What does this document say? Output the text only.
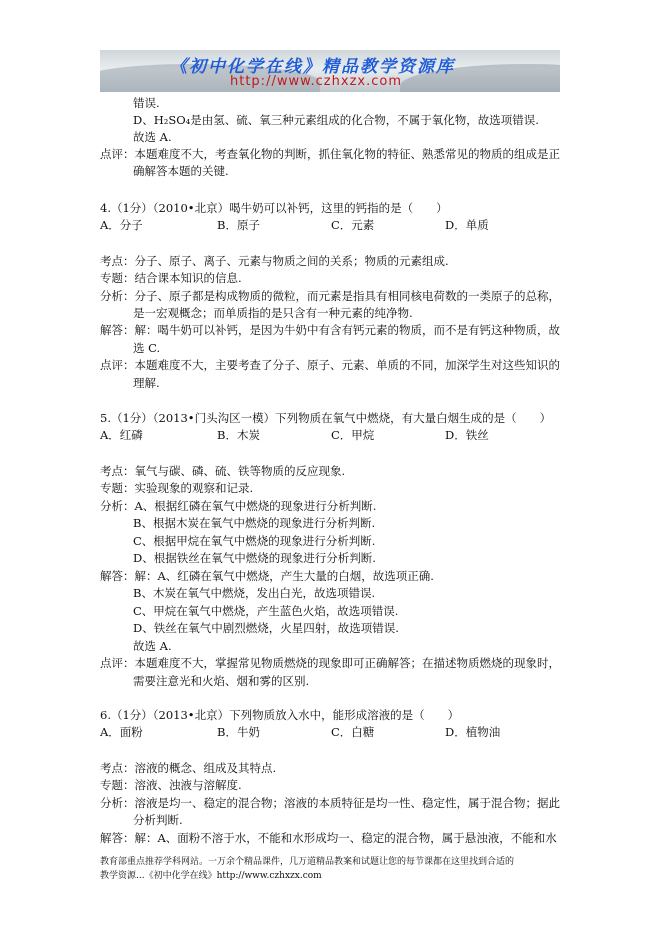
《初中化学在线》精品教学资源库
http://www.czhxzx.com
错误.
D、H₂SO₄是由氢、硫、氧三种元素组成的化合物，不属于氧化物，故选项错误.
故选 A.
点评：本题难度不大，考查氧化物的判断，抓住氧化物的特征、熟悉常见的物质的组成是正
确解答本题的关键.
4.（1分）（2010•北京）喝牛奶可以补钙，这里的钙指的是（　　）
A．分子	B．原子	C．元素	D．单质
考点：分子、原子、离子、元素与物质之间的关系；物质的元素组成.
专题：结合课本知识的信息.
分析：分子、原子都是构成物质的微粒，而元素是指具有相同核电荷数的一类原子的总称，
是一宏观概念；而单质指的是只含有一种元素的纯净物.
解答：解：喝牛奶可以补钙，是因为牛奶中有含有钙元素的物质，而不是有钙这种物质，故
选 C.
点评：本题难度不大，主要考查了分子、原子、元素、单质的不同，加深学生对这些知识的
理解.
5.（1分）（2013•门头沟区一模）下列物质在氧气中燃烧，有大量白烟生成的是（　　）
A．红磷	B．木炭	C．甲烷	D．铁丝
考点：氧气与碳、磷、硫、铁等物质的反应现象.
专题：实验现象的观察和记录.
分析：A、根据红磷在氧气中燃烧的现象进行分析判断.
B、根据木炭在氧气中燃烧的现象进行分析判断.
C、根据甲烷在氧气中燃烧的现象进行分析判断.
D、根据铁丝在氧气中燃烧的现象进行分析判断.
解答：解：A、红磷在氧气中燃烧，产生大量的白烟，故选项正确.
B、木炭在氧气中燃烧，发出白光，故选项错误.
C、甲烷在氧气中燃烧，产生蓝色火焰，故选项错误.
D、铁丝在氧气中剧烈燃烧，火星四射，故选项错误.
故选 A.
点评：本题难度不大，掌握常见物质燃烧的现象即可正确解答；在描述物质燃烧的现象时，
需要注意光和火焰、烟和雾的区别.
6.（1分）（2013•北京）下列物质放入水中，能形成溶液的是（　　）
A．面粉	B．牛奶	C．白糖	D．植物油
考点：溶液的概念、组成及其特点.
专题：溶液、浊液与溶解度.
分析：溶液是均一、稳定的混合物；溶液的本质特征是均一性、稳定性，属于混合物；据此
分析判断.
解答：解：A、面粉不溶于水，不能和水形成均一、稳定的混合物，属于悬浊液，不能和水
教育部重点推荐学科网站。一万余个精品课件，几万道精品教案和试题让您的每节课都在这里找到合适的
教学资源...《初中化学在线》http://www.czhxzx.com
